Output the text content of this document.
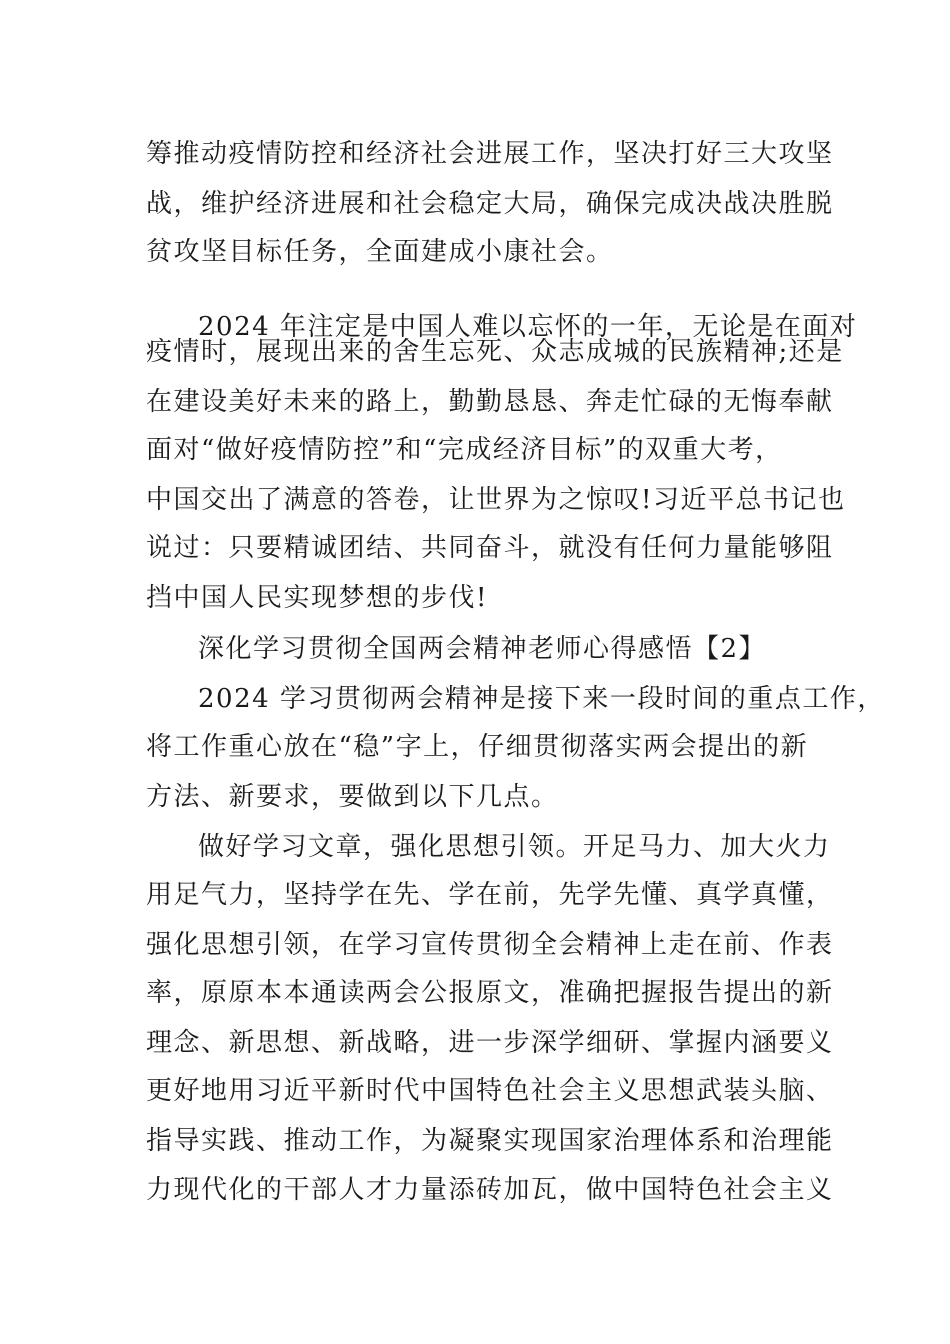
筹推动疫情防控和经济社会进展工作，坚决打好三大攻坚
战，维护经济进展和社会稳定大局，确保完成决战决胜脱
贫攻坚目标任务，全面建成小康社会。
2024 年注定是中国人难以忘怀的一年，无论是在面对
疫情时，展现出来的舍生忘死、众志成城的民族精神;还是
在建设美好未来的路上，勤勤恳恳、奔走忙碌的无悔奉献
面对“做好疫情防控”和“完成经济目标”的双重大考，
中国交出了满意的答卷，让世界为之惊叹!习近平总书记也
说过：只要精诚团结、共同奋斗，就没有任何力量能够阻
挡中国人民实现梦想的步伐!
深化学习贯彻全国两会精神老师心得感悟【2】
2024 学习贯彻两会精神是接下来一段时间的重点工作，
将工作重心放在“稳”字上，仔细贯彻落实两会提出的新
方法、新要求，要做到以下几点。
做好学习文章，强化思想引领。开足马力、加大火力
用足气力，坚持学在先、学在前，先学先懂、真学真懂，
强化思想引领，在学习宣传贯彻全会精神上走在前、作表
率，原原本本通读两会公报原文，准确把握报告提出的新
理念、新思想、新战略，进一步深学细研、掌握内涵要义
更好地用习近平新时代中国特色社会主义思想武装头脑、
指导实践、推动工作，为凝聚实现国家治理体系和治理能
力现代化的干部人才力量添砖加瓦，做中国特色社会主义
